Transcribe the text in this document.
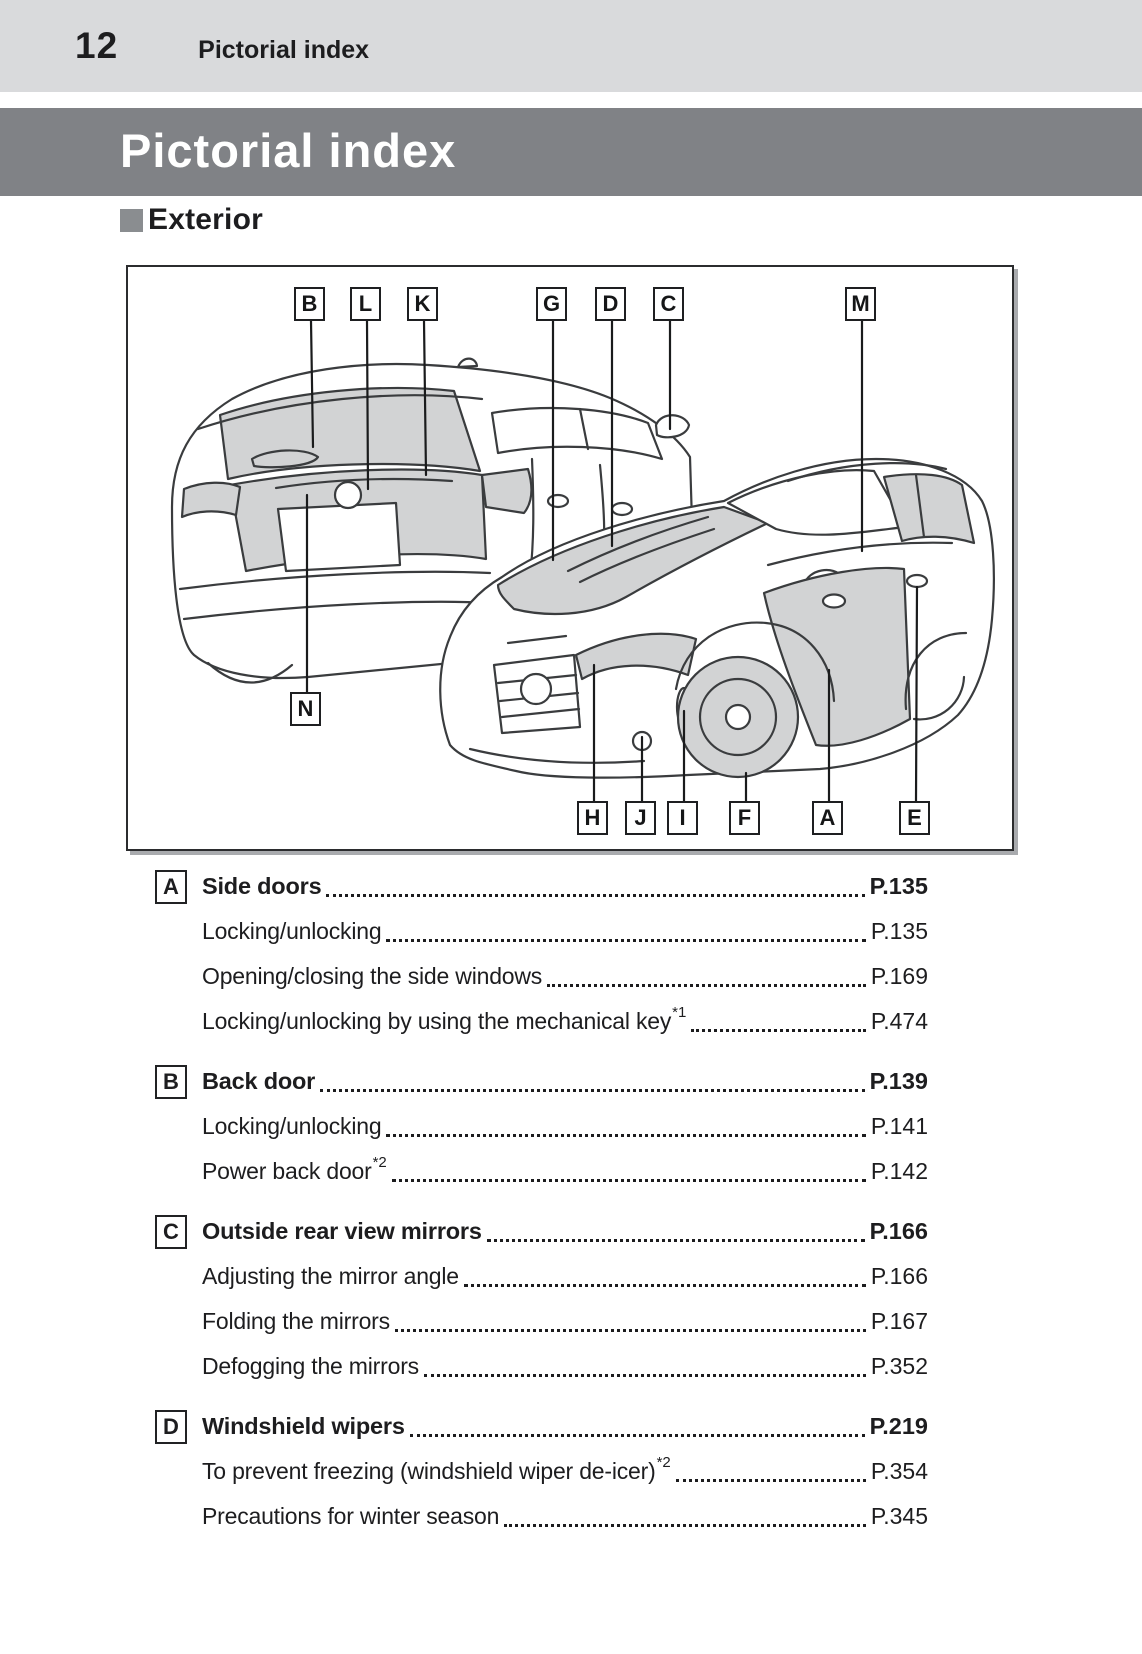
12	Pictorial index
Pictorial index
Exterior
B	L	K	G	D	C	M
N
H	J	I	F	A	E
A Side doors	P.135
Locking/unlocking	P.135
Opening/closing the side windows	P.169
Locking/unlocking by using the mechanical key *1	P.474
B Back door	P.139
Locking/unlocking	P.141
Power back door *2	P.142
C Outside rear view mirrors	P.166
Adjusting the mirror angle	P.166
Folding the mirrors	P.167
Defogging the mirrors	P.352
D Windshield wipers	P.219
To prevent freezing (windshield wiper de-icer) *2	P.354
Precautions for winter season	P.345
